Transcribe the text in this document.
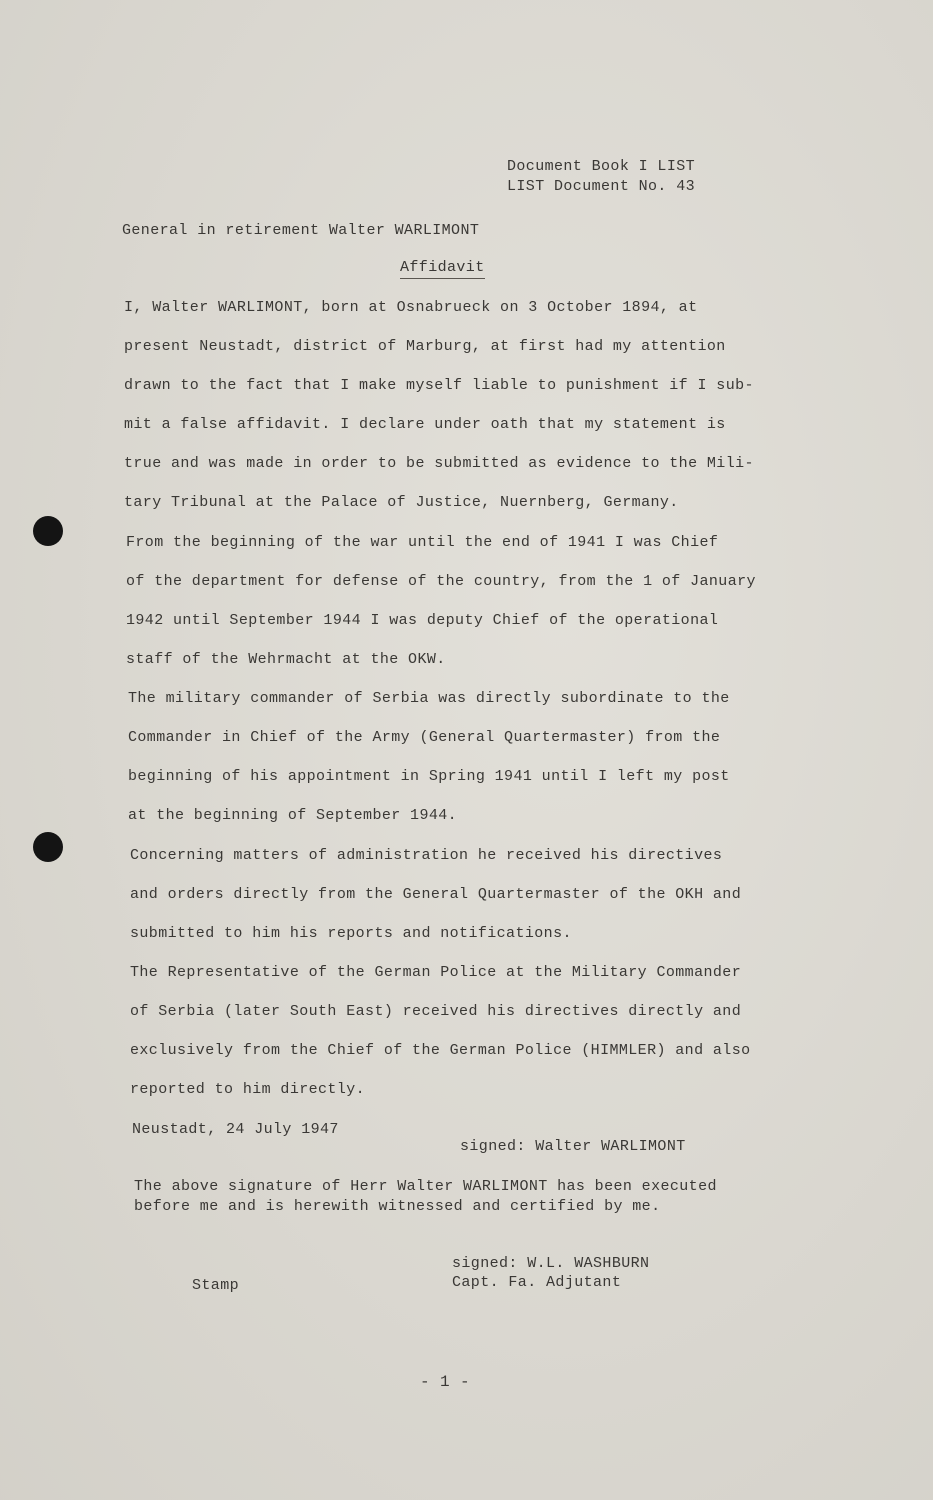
Document Book I LIST
LIST Document No. 43
General in retirement Walter WARLIMONT
Affidavit
I, Walter WARLIMONT, born at Osnabrueck on 3 October 1894, at
present Neustadt, district of Marburg, at first had my attention
drawn to the fact that I make myself liable to punishment if I sub-
mit a false affidavit. I declare under oath that my statement is
true and was made in order to be submitted as evidence to the Mili-
tary Tribunal at the Palace of Justice, Nuernberg, Germany.
From the beginning of the war until the end of 1941 I was Chief
of the department for defense of the country, from the 1 of January
1942 until September 1944 I was deputy Chief of the operational
staff of the Wehrmacht at the OKW.
The military commander of Serbia was directly subordinate to the
Commander in Chief of the Army (General Quartermaster) from the
beginning of his appointment in Spring 1941 until I left my post
at the beginning of September 1944.
Concerning matters of administration he received his directives
and orders directly from the General Quartermaster of the OKH and
submitted to him his reports and notifications.
The Representative of the German Police at the Military Commander
of Serbia (later South East) received his directives directly and
exclusively from the Chief of the German Police (HIMMLER) and also
reported to him directly.
Neustadt, 24 July 1947
signed: Walter WARLIMONT
The above signature of Herr Walter WARLIMONT has been executed
before me and is herewith witnessed and certified by me.
signed: W.L. WASHBURN
Stamp	Capt. Fa. Adjutant
- 1 -
